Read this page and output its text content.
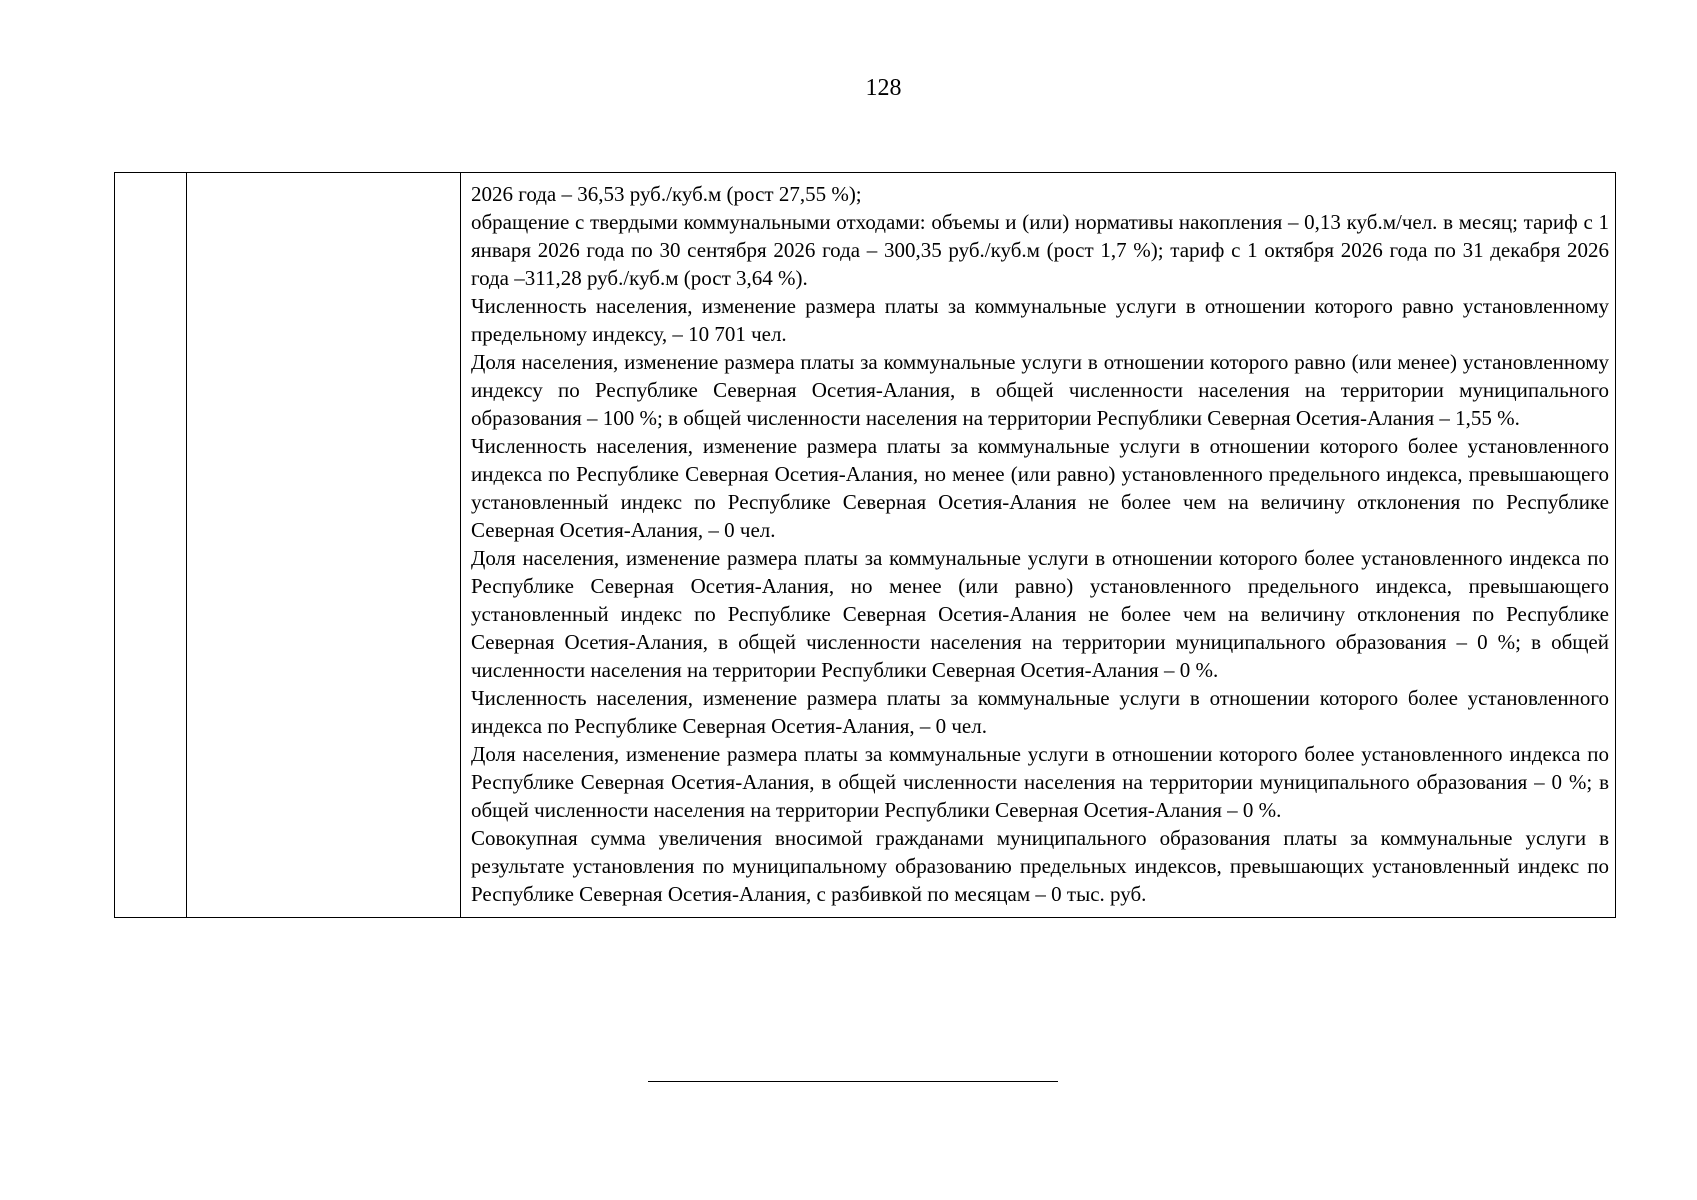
128

2026 года – 36,53 руб./куб.м (рост 27,55 %);

обращение с твердыми коммунальными отходами: объемы и (или) нормативы накопления – 0,13 куб.м/чел. в месяц; тариф с 1 января 2026 года по 30 сентября 2026 года – 300,35 руб./куб.м (рост 1,7 %); тариф с 1 октября 2026 года по 31 декабря 2026 года –311,28 руб./куб.м (рост 3,64 %).

Численность населения, изменение размера платы за коммунальные услуги в отношении которого равно установленному предельному индексу, – 10 701 чел.

Доля населения, изменение размера платы за коммунальные услуги в отношении которого равно (или менее) установленному индексу по Республике Северная Осетия-Алания, в общей численности населения на территории муниципального образования – 100 %; в общей численности населения на территории Республики Северная Осетия-Алания – 1,55 %.

Численность населения, изменение размера платы за коммунальные услуги в отношении которого более установленного индекса по Республике Северная Осетия-Алания, но менее (или равно) установленного предельного индекса, превышающего установленный индекс по Республике Северная Осетия-Алания не более чем на величину отклонения по Республике Северная Осетия-Алания, – 0 чел.

Доля населения, изменение размера платы за коммунальные услуги в отношении которого более установленного индекса по Республике Северная Осетия-Алания, но менее (или равно) установленного предельного индекса, превышающего установленный индекс по Республике Северная Осетия-Алания не более чем на величину отклонения по Республике Северная Осетия-Алания, в общей численности населения на территории муниципального образования – 0 %; в общей численности населения на территории Республики Северная Осетия-Алания – 0 %.

Численность населения, изменение размера платы за коммунальные услуги в отношении которого более установленного индекса по Республике Северная Осетия-Алания, – 0 чел.

Доля населения, изменение размера платы за коммунальные услуги в отношении которого более установленного индекса по Республике Северная Осетия-Алания, в общей численности населения на территории муниципального образования – 0 %; в общей численности населения на территории Республики Северная Осетия-Алания – 0 %.

Совокупная сумма увеличения вносимой гражданами муниципального образования платы за коммунальные услуги в результате установления по муниципальному образованию предельных индексов, превышающих установленный индекс по Республике Северная Осетия-Алания, с разбивкой по месяцам – 0 тыс. руб.
